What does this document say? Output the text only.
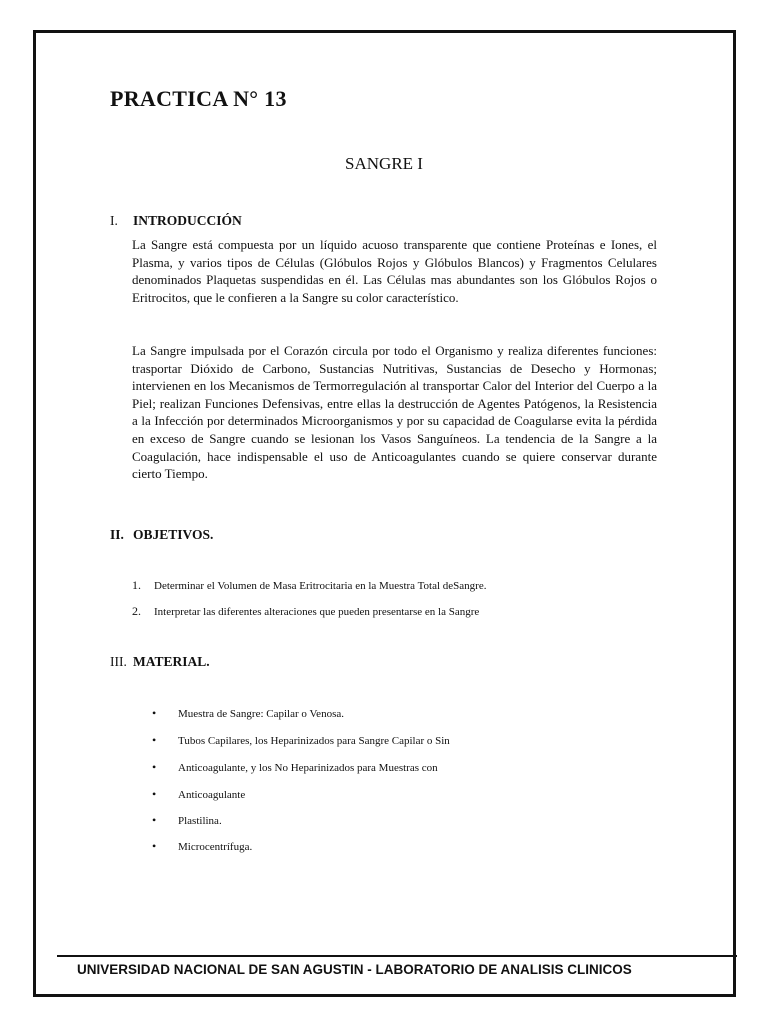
PRACTICA N° 13
SANGRE I
I. INTRODUCCIÓN
La Sangre está compuesta por un líquido acuoso transparente que contiene Proteínas e Iones, el Plasma, y varios tipos de Células (Glóbulos Rojos y Glóbulos Blancos) y Fragmentos Celulares denominados Plaquetas suspendidas en él. Las Células mas abundantes son los Glóbulos Rojos o Eritrocitos, que le confieren a la Sangre su color característico.
La Sangre impulsada por el Corazón circula por todo el Organismo y realiza diferentes funciones: trasportar Dióxido de Carbono, Sustancias Nutritivas, Sustancias de Desecho y Hormonas; intervienen en los Mecanismos de Termorregulación al transportar Calor del Interior del Cuerpo a la Piel; realizan Funciones Defensivas, entre ellas la destrucción de Agentes Patógenos, la Resistencia a la Infección por determinados Microorganismos y por su capacidad de Coagularse evita la pérdida en exceso de Sangre cuando se lesionan los Vasos Sanguíneos. La tendencia de la Sangre a la Coagulación, hace indispensable el uso de Anticoagulantes cuando se quiere conservar durante cierto Tiempo.
II. OBJETIVOS.
1. Determinar el Volumen de Masa Eritrocitaria en la Muestra Total deSangre.
2. Interpretar las diferentes alteraciones que pueden presentarse en la Sangre
III. MATERIAL.
• Muestra de Sangre: Capilar o Venosa.
• Tubos Capilares, los Heparinizados para Sangre Capilar o Sin
• Anticoagulante, y los No Heparinizados para Muestras con
• Anticoagulante
• Plastilina.
• Microcentrífuga.
UNIVERSIDAD NACIONAL DE SAN AGUSTIN - LABORATORIO DE ANALISIS CLINICOS
